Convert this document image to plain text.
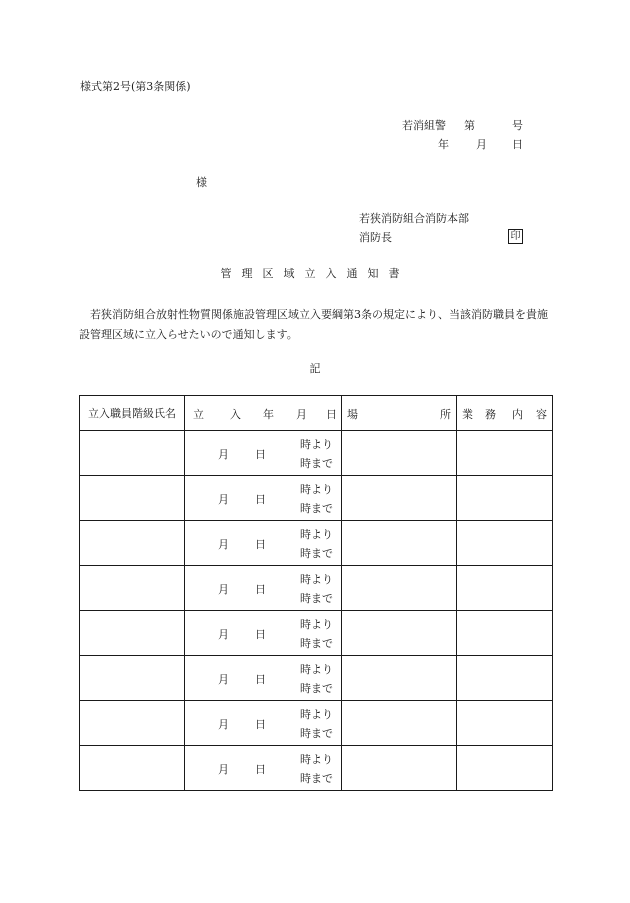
様式第2号(第3条関係)
若消組警 第	号
年 月 日
様
若狭消防組合消防本部
消防長	印
管理区域立入通知書
若狭消防組合放射性物質関係施設管理区域立入要綱第3条の規定により、当該消防職員を貴施設管理区域に立入らせたいので通知します。
記
立入職員階級氏名	立 入 年 月 日	場 所	業 務 内 容

	月 日
時より
時まで		

	月 日
時より
時まで		

	月 日
時より
時まで		

	月 日
時より
時まで		

	月 日
時より
時まで		

	月 日
時より
時まで		

	月 日
時より
時まで		

	月 日
時より
時まで		
